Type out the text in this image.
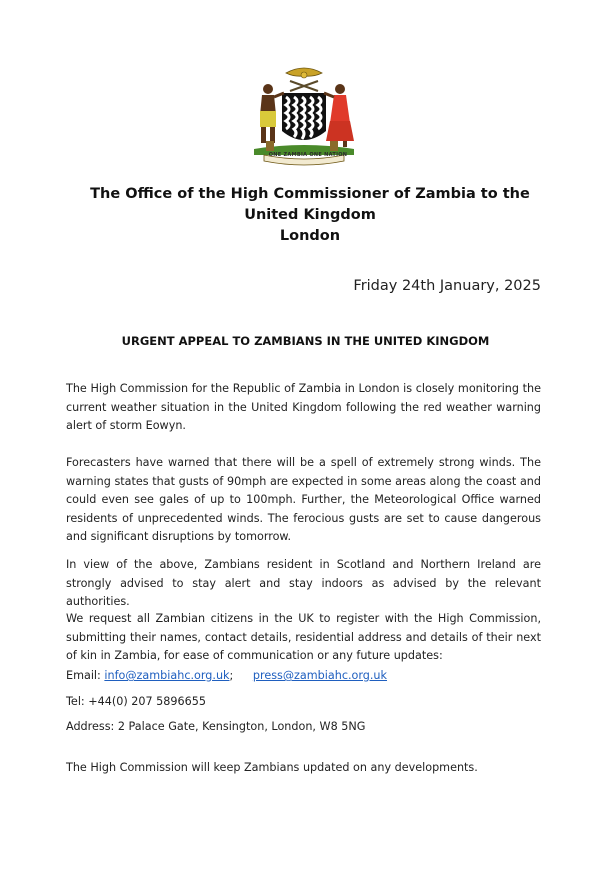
ONE ZAMBIA ONE NATION
The Office of the High Commissioner of Zambia to the
United Kingdom
London
Friday 24th January, 2025
URGENT APPEAL TO ZAMBIANS IN THE UNITED KINGDOM
The High Commission for the Republic of Zambia in London is closely monitoring the current weather situation in the United Kingdom following the red weather warning alert of storm Eowyn.
Forecasters have warned that there will be a spell of extremely strong winds. The warning states that gusts of 90mph are expected in some areas along the coast and could even see gales of up to 100mph. Further, the Meteorological Office warned residents of unprecedented winds. The ferocious gusts are set to cause dangerous and significant disruptions by tomorrow.
In view of the above, Zambians resident in Scotland and Northern Ireland are strongly advised to stay alert and stay indoors as advised by the relevant authorities.
We request all Zambian citizens in the UK to register with the High Commission, submitting their names, contact details, residential address and details of their next of kin in Zambia, for ease of communication or any future updates:
Email: info@zambiahc.org.uk; press@zambiahc.org.uk
Tel: +44(0) 207 5896655
Address: 2 Palace Gate, Kensington, London, W8 5NG
The High Commission will keep Zambians updated on any developments.
